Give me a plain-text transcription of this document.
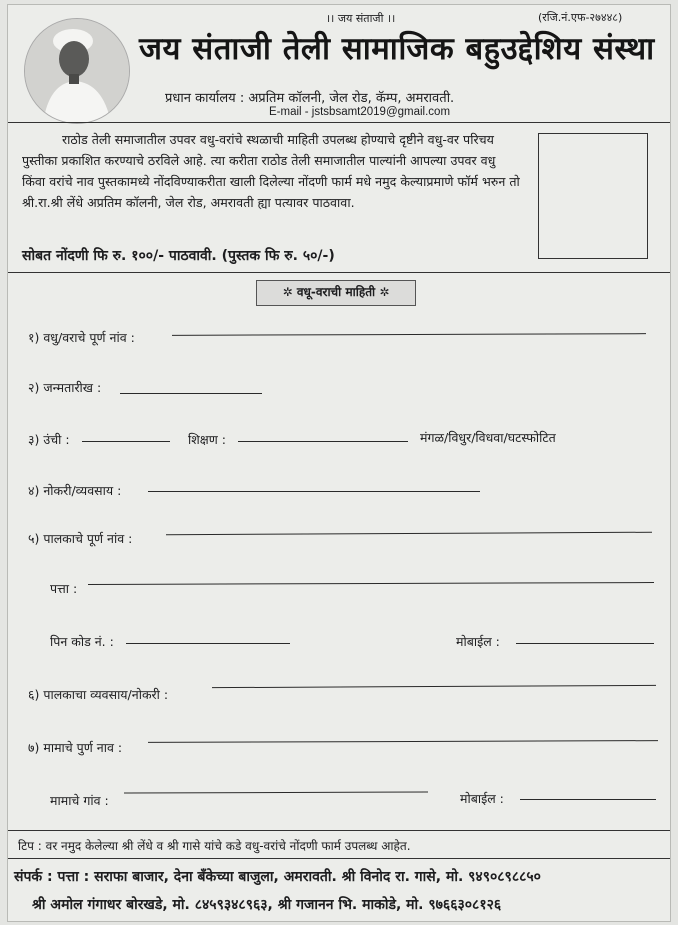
।। जय संताजी ।।	(रजि.नं.एफ-२७४४८)
जय संताजी तेली सामाजिक बहुउद्देशिय संस्था
प्रधान कार्यालय : अप्रतिम कॉलनी, जेल रोड, कॅम्प, अमरावती.
E-mail - jstsbsamt2019@gmail.com

राठोड तेली समाजातील उपवर वधु-वरांचे स्थळाची माहिती उपलब्ध होण्याचे दृष्टीने वधु-वर परिचय पुस्तीका प्रकाशित करण्याचे ठरविले आहे. त्या करीता राठोड तेली समाजातील पाल्यांनी आपल्या उपवर वधु किंवा वरांचे नाव पुस्तकामध्ये नोंदविण्याकरीता खाली दिलेल्या नोंदणी फार्म मधे नमुद केल्याप्रमाणे फॉर्म भरुन तो श्री.रा.श्री लेंधे अप्रतिम कॉलनी, जेल रोड, अमरावती ह्या पत्यावर पाठवावा.

सोबत नोंदणी फि रु. १००/- पाठवावी. (पुस्तक फि रु. ५०/-)
✲ वधू-वराची माहिती ✲
१) वधु/वराचे पूर्ण नांव :
२) जन्मतारीख :
३) उंची :	शिक्षण :	मंगळ/विधुर/विधवा/घटस्फोटित
४) नोकरी/व्यवसाय :
५) पालकाचे पूर्ण नांव :
पत्ता :
पिन कोड नं. :	मोबाईल :
६) पालकाचा व्यवसाय/नोकरी :
७) मामाचे पुर्ण नाव :
मामाचे गांव :	मोबाईल :
टिप : वर नमुद केलेल्या श्री लेंधे व श्री गासे यांचे कडे वधु-वरांचे नोंदणी फार्म उपलब्ध आहेत.
संपर्क : पत्ता : सराफा बाजार, देना बँकेच्या बाजुला, अमरावती. श्री विनोद रा. गासे, मो. ९४९०८९८८५०
श्री अमोल गंगाधर बोरखडे, मो. ८४५९३४८९६३, श्री गजानन भि. माकोडे, मो. ९७६६३०८१२६
